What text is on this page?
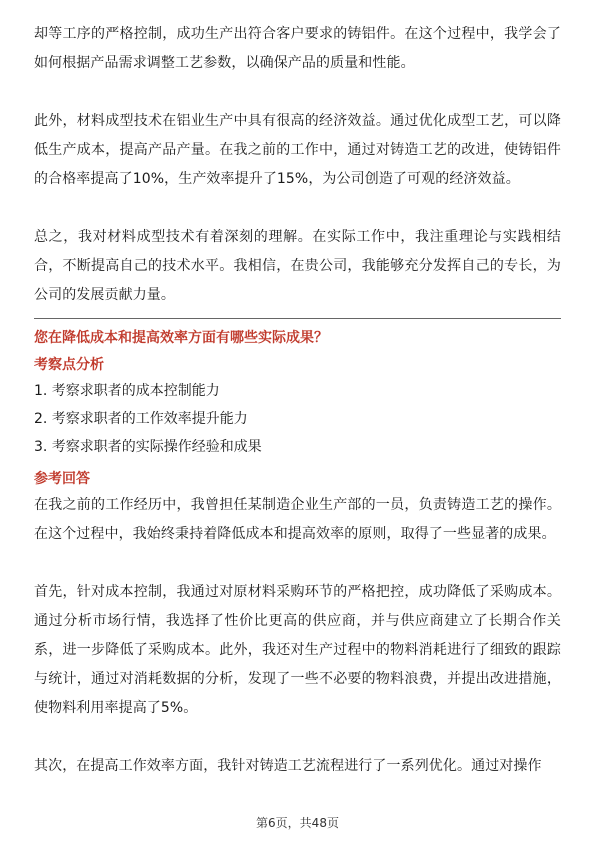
却等工序的严格控制，成功生产出符合客户要求的铸铝件。在这个过程中，我学会了如何根据产品需求调整工艺参数，以确保产品的质量和性能。

此外，材料成型技术在铝业生产中具有很高的经济效益。通过优化成型工艺，可以降低生产成本，提高产品产量。在我之前的工作中，通过对铸造工艺的改进，使铸铝件的合格率提高了10%，生产效率提升了15%，为公司创造了可观的经济效益。

总之，我对材料成型技术有着深刻的理解。在实际工作中，我注重理论与实践相结合，不断提高自己的技术水平。我相信，在贵公司，我能够充分发挥自己的专长，为公司的发展贡献力量。

您在降低成本和提高效率方面有哪些实际成果？
考察点分析
1. 考察求职者的成本控制能力
2. 考察求职者的工作效率提升能力
3. 考察求职者的实际操作经验和成果
参考回答

在我之前的工作经历中，我曾担任某制造企业生产部的一员，负责铸造工艺的操作。在这个过程中，我始终秉持着降低成本和提高效率的原则，取得了一些显著的成果。

首先，针对成本控制，我通过对原材料采购环节的严格把控，成功降低了采购成本。通过分析市场行情，我选择了性价比更高的供应商，并与供应商建立了长期合作关系，进一步降低了采购成本。此外，我还对生产过程中的物料消耗进行了细致的跟踪与统计，通过对消耗数据的分析，发现了一些不必要的物料浪费，并提出改进措施，使物料利用率提高了5%。

其次，在提高工作效率方面，我针对铸造工艺流程进行了一系列优化。通过对操作

第6页，共48页
